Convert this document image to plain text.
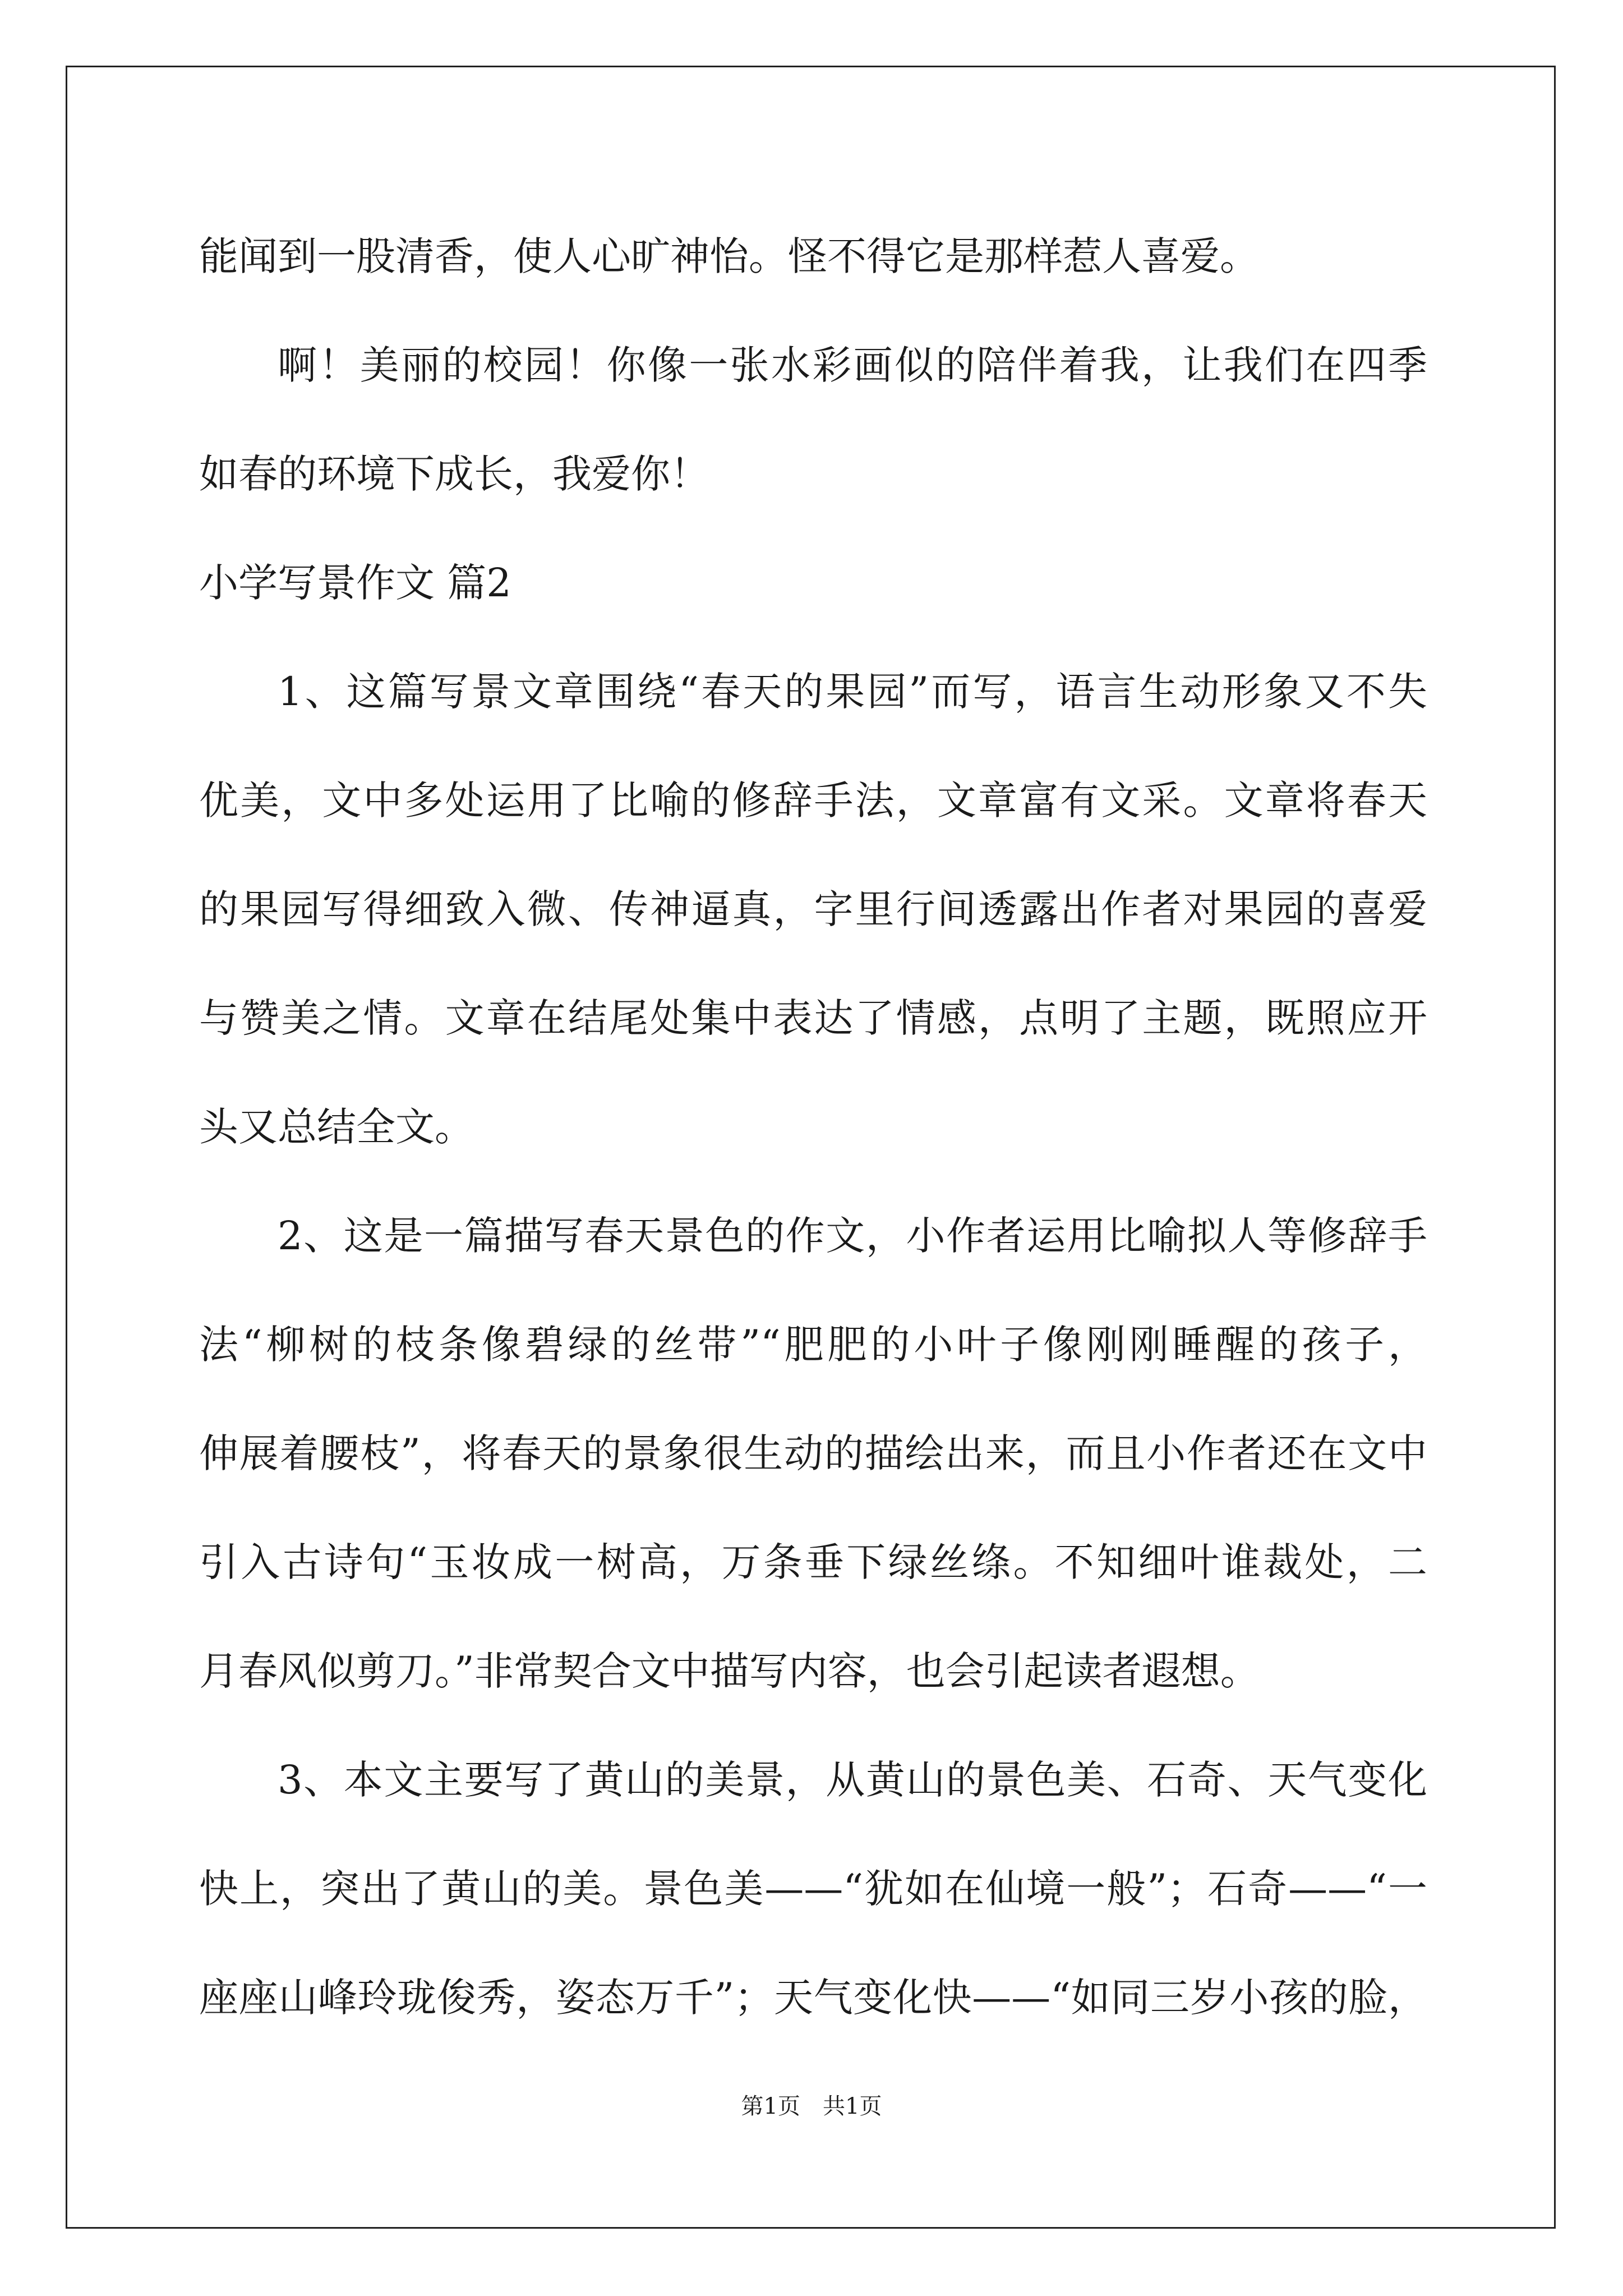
能闻到一股清香，使人心旷神怡。怪不得它是那样惹人喜爱。
啊！美丽的校园！你像一张水彩画似的陪伴着我，让我们在四季
如春的环境下成长，我爱你！
小学写景作文 篇2
1、这篇写景文章围绕“春天的果园”而写，语言生动形象又不失
优美，文中多处运用了比喻的修辞手法，文章富有文采。文章将春天
的果园写得细致入微、传神逼真，字里行间透露出作者对果园的喜爱
与赞美之情。文章在结尾处集中表达了情感，点明了主题，既照应开
头又总结全文。
2、这是一篇描写春天景色的作文，小作者运用比喻拟人等修辞手
法“柳树的枝条像碧绿的丝带”“肥肥的小叶子像刚刚睡醒的孩子，
伸展着腰枝”，将春天的景象很生动的描绘出来，而且小作者还在文中
引入古诗句“玉妆成一树高，万条垂下绿丝绦。不知细叶谁裁处，二
月春风似剪刀。”非常契合文中描写内容，也会引起读者遐想。
3、本文主要写了黄山的美景，从黄山的景色美、石奇、天气变化
快上，突出了黄山的美。景色美——“犹如在仙境一般”；石奇——“一
座座山峰玲珑俊秀，姿态万千”；天气变化快——“如同三岁小孩的脸，
第1页　共1页
